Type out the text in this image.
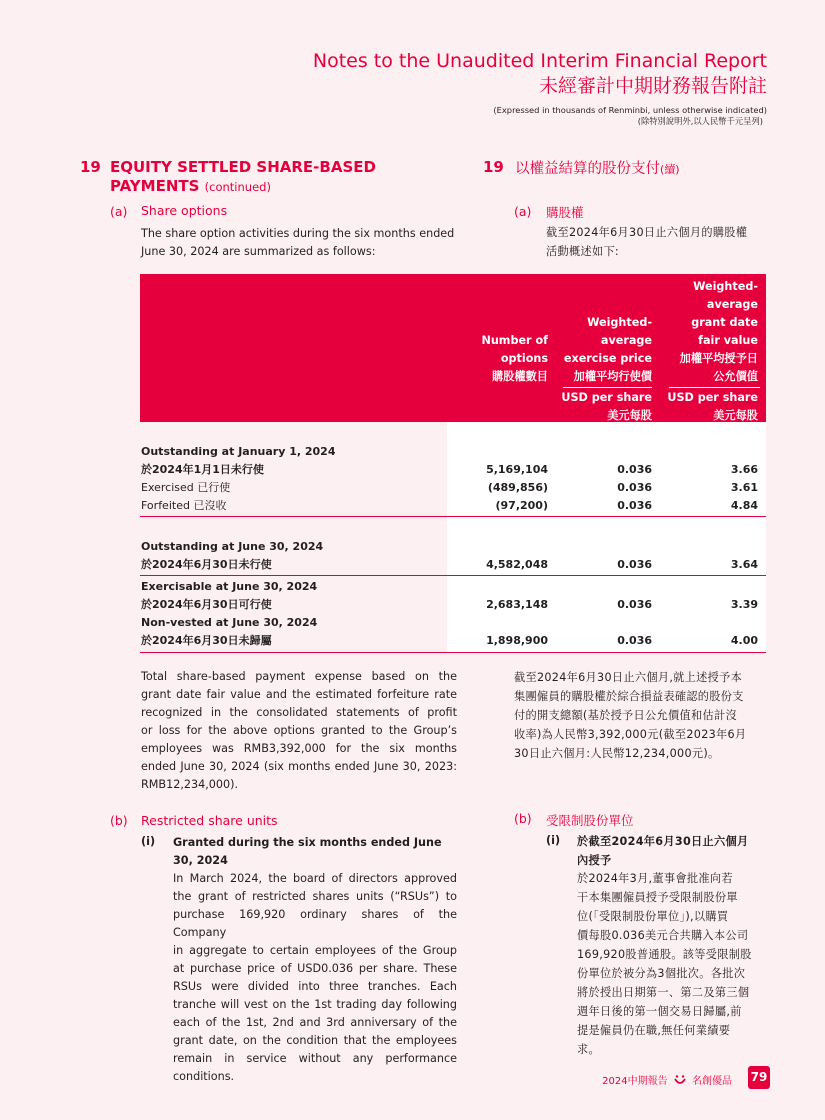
Notes to the Unaudited Interim Financial Report
未經審計中期財務報告附註
(Expressed in thousands of Renminbi, unless otherwise indicated)
(除特別說明外,以人民幣千元呈列)
19 EQUITY SETTLED SHARE-BASED
PAYMENTS (continued)
19 以權益結算的股份支付(續)
(a) Share options
The share option activities during the six months ended
June 30, 2024 are summarized as follows:
(a) 購股權
截至2024年6月30日止六個月的購股權
活動概述如下:
Number of
options
購股權數目
Weighted-
average
exercise price
加權平均行使價
Weighted-
average
grant date
fair value
加權平均授予日
公允價值
USD per share
美元每股
USD per share
美元每股
Outstanding at January 1, 2024
於2024年1月1日未行使	5,169,104	0.036	3.66
Exercised 已行使	(489,856)	0.036	3.61
Forfeited 已沒收	(97,200)	0.036	4.84
Outstanding at June 30, 2024
於2024年6月30日未行使	4,582,048	0.036	3.64
Exercisable at June 30, 2024
於2024年6月30日可行使	2,683,148	0.036	3.39
Non-vested at June 30, 2024
於2024年6月30日未歸屬	1,898,900	0.036	4.00
Total share-based payment expense based on the
grant date fair value and the estimated forfeiture rate
recognized in the consolidated statements of profit
or loss for the above options granted to the Group’s
employees was RMB3,392,000 for the six months
ended June 30, 2024 (six months ended June 30, 2023:
RMB12,234,000).
截至2024年6月30日止六個月,就上述授予本
集團僱員的購股權於綜合損益表確認的股份支
付的開支總額(基於授予日公允價值和估計沒
收率)為人民幣3,392,000元(截至2023年6月
30日止六個月:人民幣12,234,000元)。
(b) Restricted share units
(i) Granted during the six months ended June
30, 2024
In March 2024, the board of directors approved
the grant of restricted shares units (“RSUs”) to
purchase 169,920 ordinary shares of the Company
in aggregate to certain employees of the Group
at purchase price of USD0.036 per share. These
RSUs were divided into three tranches. Each
tranche will vest on the 1st trading day following
each of the 1st, 2nd and 3rd anniversary of the
grant date, on the condition that the employees
remain in service without any performance
conditions.
(b) 受限制股份單位
(i) 於截至2024年6月30日止六個月
內授予
於2024年3月,董事會批准向若
干本集團僱員授予受限制股份單
位(「受限制股份單位」),以購買
價每股0.036美元合共購入本公司
169,920股普通股。該等受限制股
份單位於被分為3個批次。各批次
將於授出日期第一、第二及第三個
週年日後的第一個交易日歸屬,前
提是僱員仍在職,無任何業績要
求。
2024中期報告 名創優品 79
